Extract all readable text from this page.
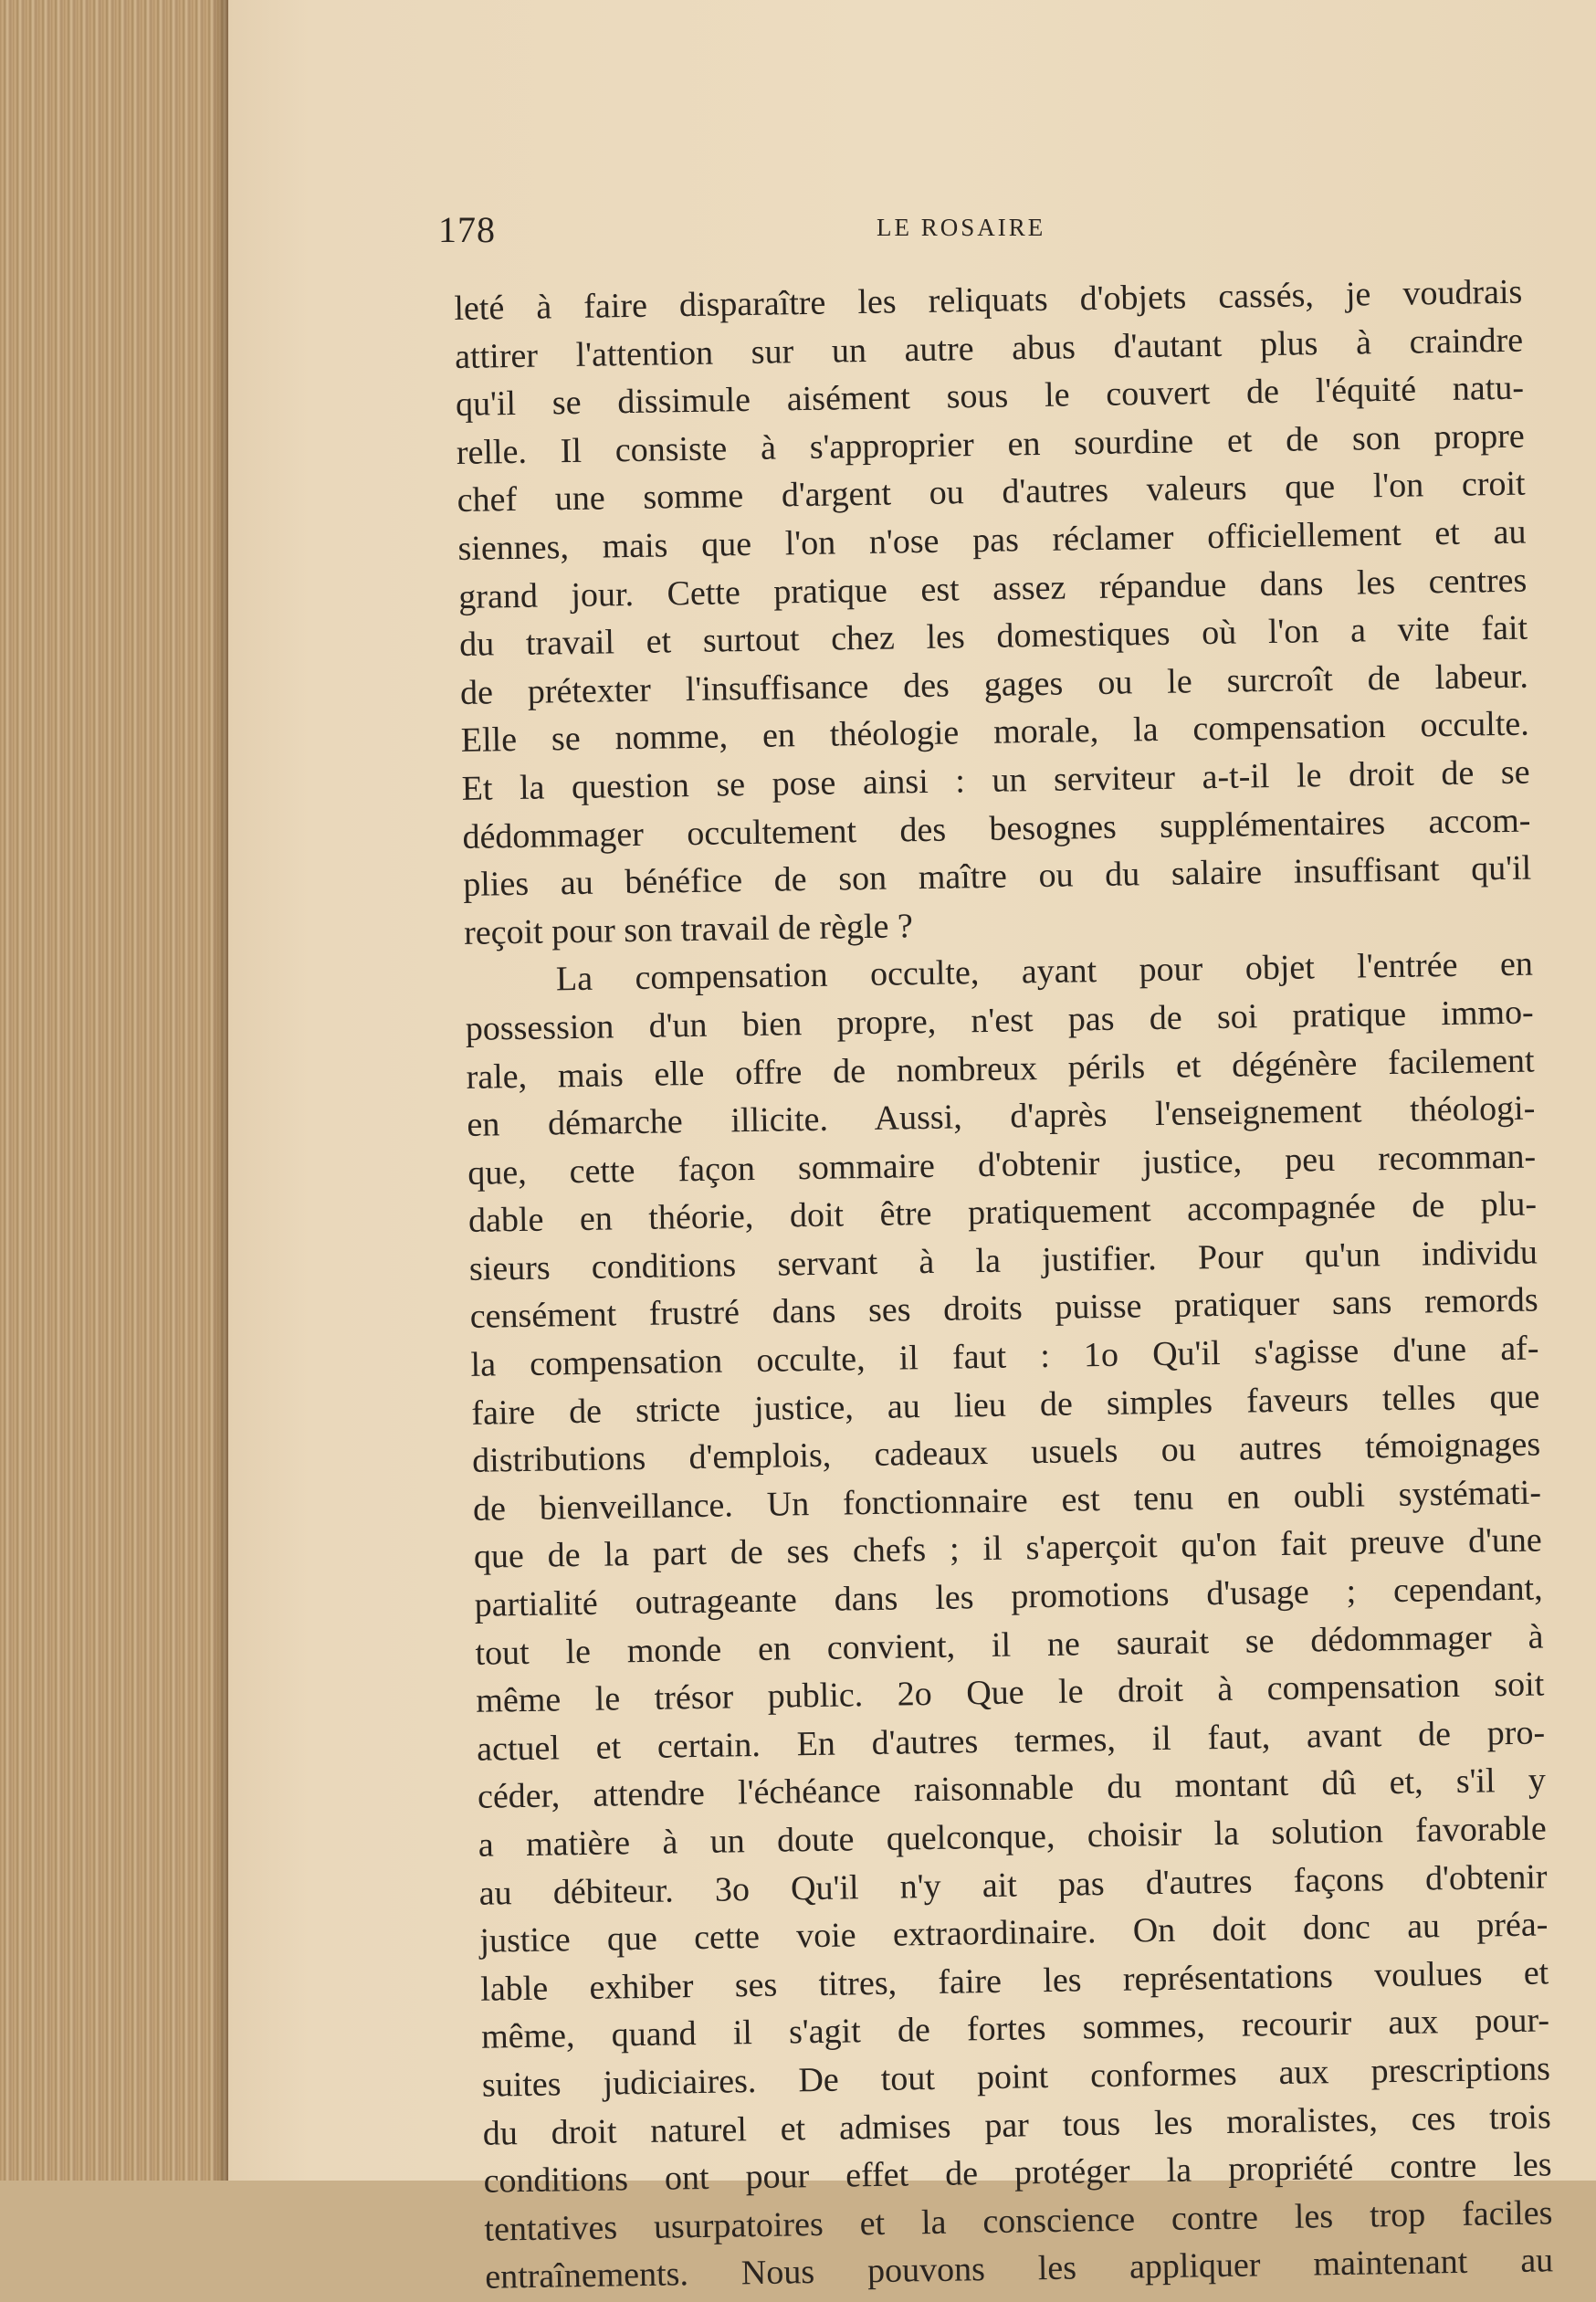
178	LE ROSAIRE
leté à faire disparaître les reliquats d'objets cassés, je voudrais
attirer l'attention sur un autre abus d'autant plus à craindre
qu'il se dissimule aisément sous le couvert de l'équité natu-
relle. Il consiste à s'approprier en sourdine et de son propre
chef une somme d'argent ou d'autres valeurs que l'on croit
siennes, mais que l'on n'ose pas réclamer officiellement et au
grand jour. Cette pratique est assez répandue dans les centres
du travail et surtout chez les domestiques où l'on a vite fait
de prétexter l'insuffisance des gages ou le surcroît de labeur.
Elle se nomme, en théologie morale, la compensation occulte.
Et la question se pose ainsi : un serviteur a-t-il le droit de se
dédommager occultement des besognes supplémentaires accom-
plies au bénéfice de son maître ou du salaire insuffisant qu'il
reçoit pour son travail de règle ?
La compensation occulte, ayant pour objet l'entrée en
possession d'un bien propre, n'est pas de soi pratique immo-
rale, mais elle offre de nombreux périls et dégénère facilement
en démarche illicite. Aussi, d'après l'enseignement théologi-
que, cette façon sommaire d'obtenir justice, peu recomman-
dable en théorie, doit être pratiquement accompagnée de plu-
sieurs conditions servant à la justifier. Pour qu'un individu
censément frustré dans ses droits puisse pratiquer sans remords
la compensation occulte, il faut : 1o Qu'il s'agisse d'une af-
faire de stricte justice, au lieu de simples faveurs telles que
distributions d'emplois, cadeaux usuels ou autres témoignages
de bienveillance. Un fonctionnaire est tenu en oubli systémati-
que de la part de ses chefs ; il s'aperçoit qu'on fait preuve d'une
partialité outrageante dans les promotions d'usage ; cependant,
tout le monde en convient, il ne saurait se dédommager à
même le trésor public. 2o Que le droit à compensation soit
actuel et certain. En d'autres termes, il faut, avant de pro-
céder, attendre l'échéance raisonnable du montant dû et, s'il y
a matière à un doute quelconque, choisir la solution favorable
au débiteur. 3o Qu'il n'y ait pas d'autres façons d'obtenir
justice que cette voie extraordinaire. On doit donc au préa-
lable exhiber ses titres, faire les représentations voulues et
même, quand il s'agit de fortes sommes, recourir aux pour-
suites judiciaires. De tout point conformes aux prescriptions
du droit naturel et admises par tous les moralistes, ces trois
conditions ont pour effet de protéger la propriété contre les
tentatives usurpatoires et la conscience contre les trop faciles
entraînements. Nous pouvons les appliquer maintenant au
